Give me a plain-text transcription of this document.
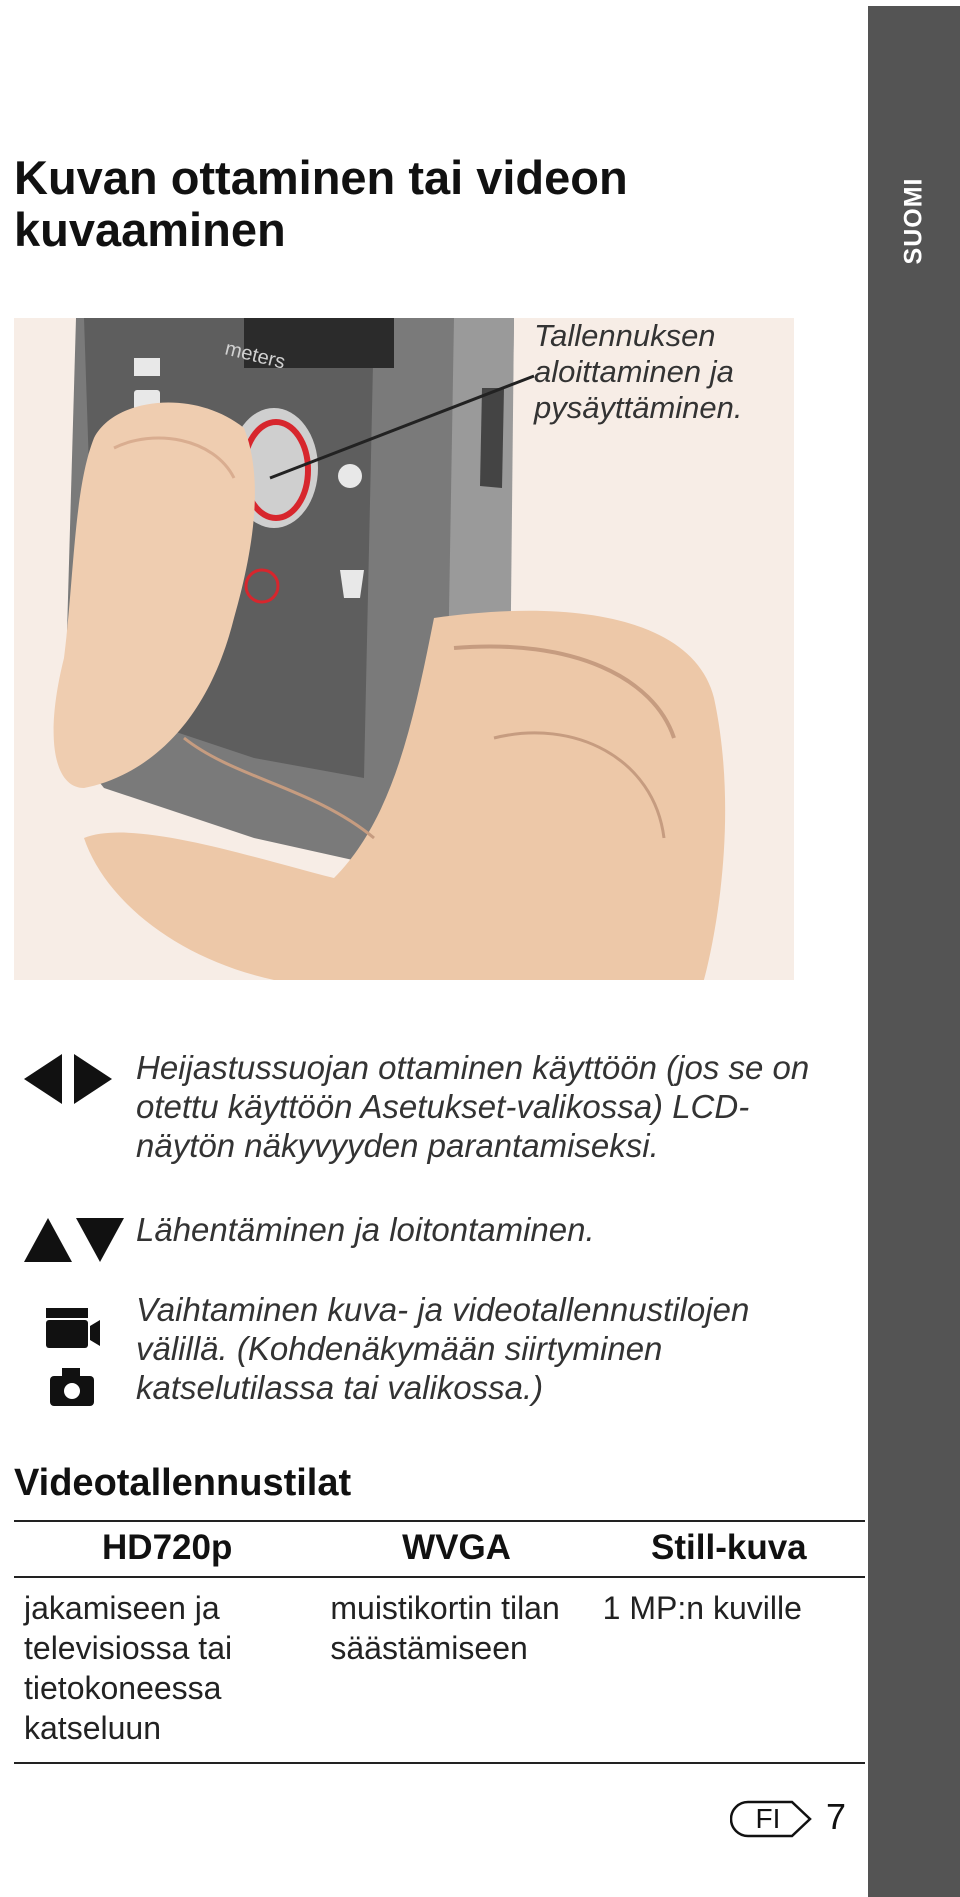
SUOMI
Kuvan ottaminen tai videon kuvaaminen
meters
Tallennuksen
aloittaminen ja
pysäyttäminen.
Heijastussuojan ottaminen käyttöön (jos se on otettu käyttöön Asetukset-valikossa) LCD-näytön näkyvyyden parantamiseksi.
Lähentäminen ja loitontaminen.
Vaihtaminen kuva- ja videotallennustilojen välillä. (Kohdenäkymään siirtyminen katselutilassa tai valikossa.)
Videotallennustilat
HD720p	WVGA	Still-kuva
jakamiseen ja televisiossa tai tietokoneessa katseluun	muistikortin tilan säästämiseen	1 MP:n kuville
FI	7
